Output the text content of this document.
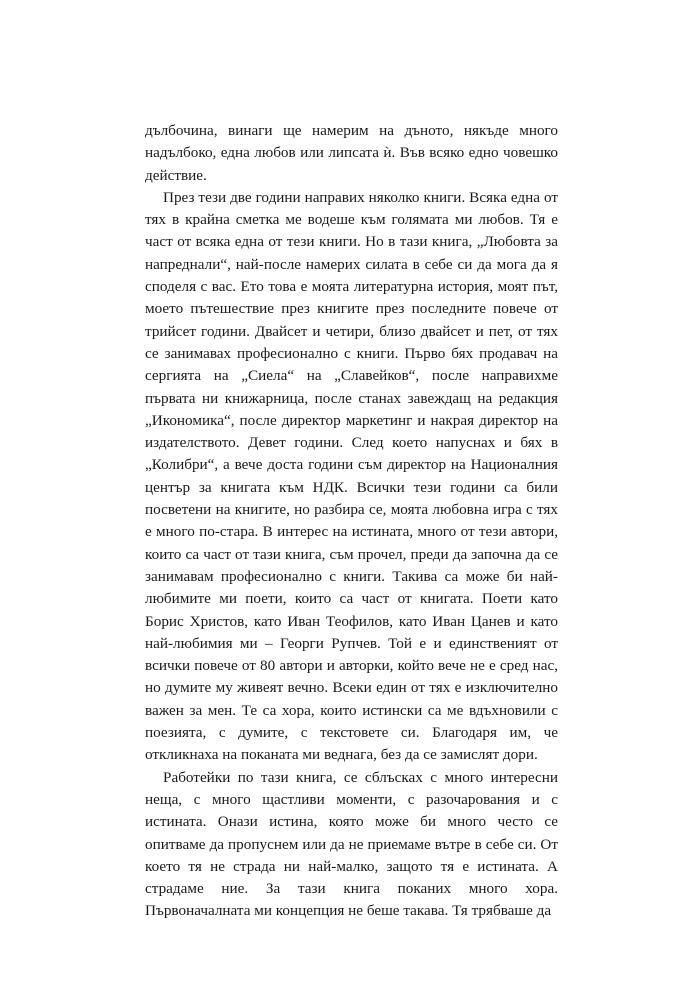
дълбочина, винаги ще намерим на дъното, някъде много надълбоко, една любов или липсата ѝ. Във всяко едно човешко действие.

През тези две години направих няколко книги. Всяка една от тях в крайна сметка ме водеше към голямата ми любов. Тя е част от всяка една от тези книги. Но в тази книга, „Любовта за напреднали“, най-после намерих силата в себе си да мога да я споделя с вас. Ето това е моята литературна история, моят път, моето пътешествие през книгите през последните повече от трийсет години. Двайсет и четири, близо двайсет и пет, от тях се занимавах професионално с книги. Първо бях продавач на сергията на „Сиела“ на „Славейков“, после направихме първата ни книжарница, после станах завеждащ на редакция „Икономика“, после директор маркетинг и накрая директор на издателството. Девет години. След което напуснах и бях в „Колибри“, а вече доста години съм директор на Националния център за книгата към НДК. Всички тези години са били посветени на книгите, но разбира се, моята любовна игра с тях е много по-стара. В интерес на истината, много от тези автори, които са част от тази книга, съм прочел, преди да започна да се занимавам професионално с книги. Такива са може би най-любимите ми поети, които са част от книгата. Поети като Борис Христов, като Иван Теофилов, като Иван Цанев и като най-любимия ми – Георги Рупчев. Той е и единственият от всички повече от 80 автори и авторки, който вече не е сред нас, но думите му живеят вечно. Всеки един от тях е изключително важен за мен. Те са хора, които истински са ме вдъхновили с поезията, с думите, с текстовете си. Благодаря им, че откликнаха на поканата ми веднага, без да се замислят дори.

Работейки по тази книга, се сблъсках с много интересни неща, с много щастливи моменти, с разочарования и с истината. Онази истина, която може би много често се опитваме да пропуснем или да не приемаме вътре в себе си. От което тя не страда ни най-малко, защото тя е истината. А страдаме ние. За тази книга поканих много хора. Първоначалната ми концепция не беше такава. Тя трябваше да
